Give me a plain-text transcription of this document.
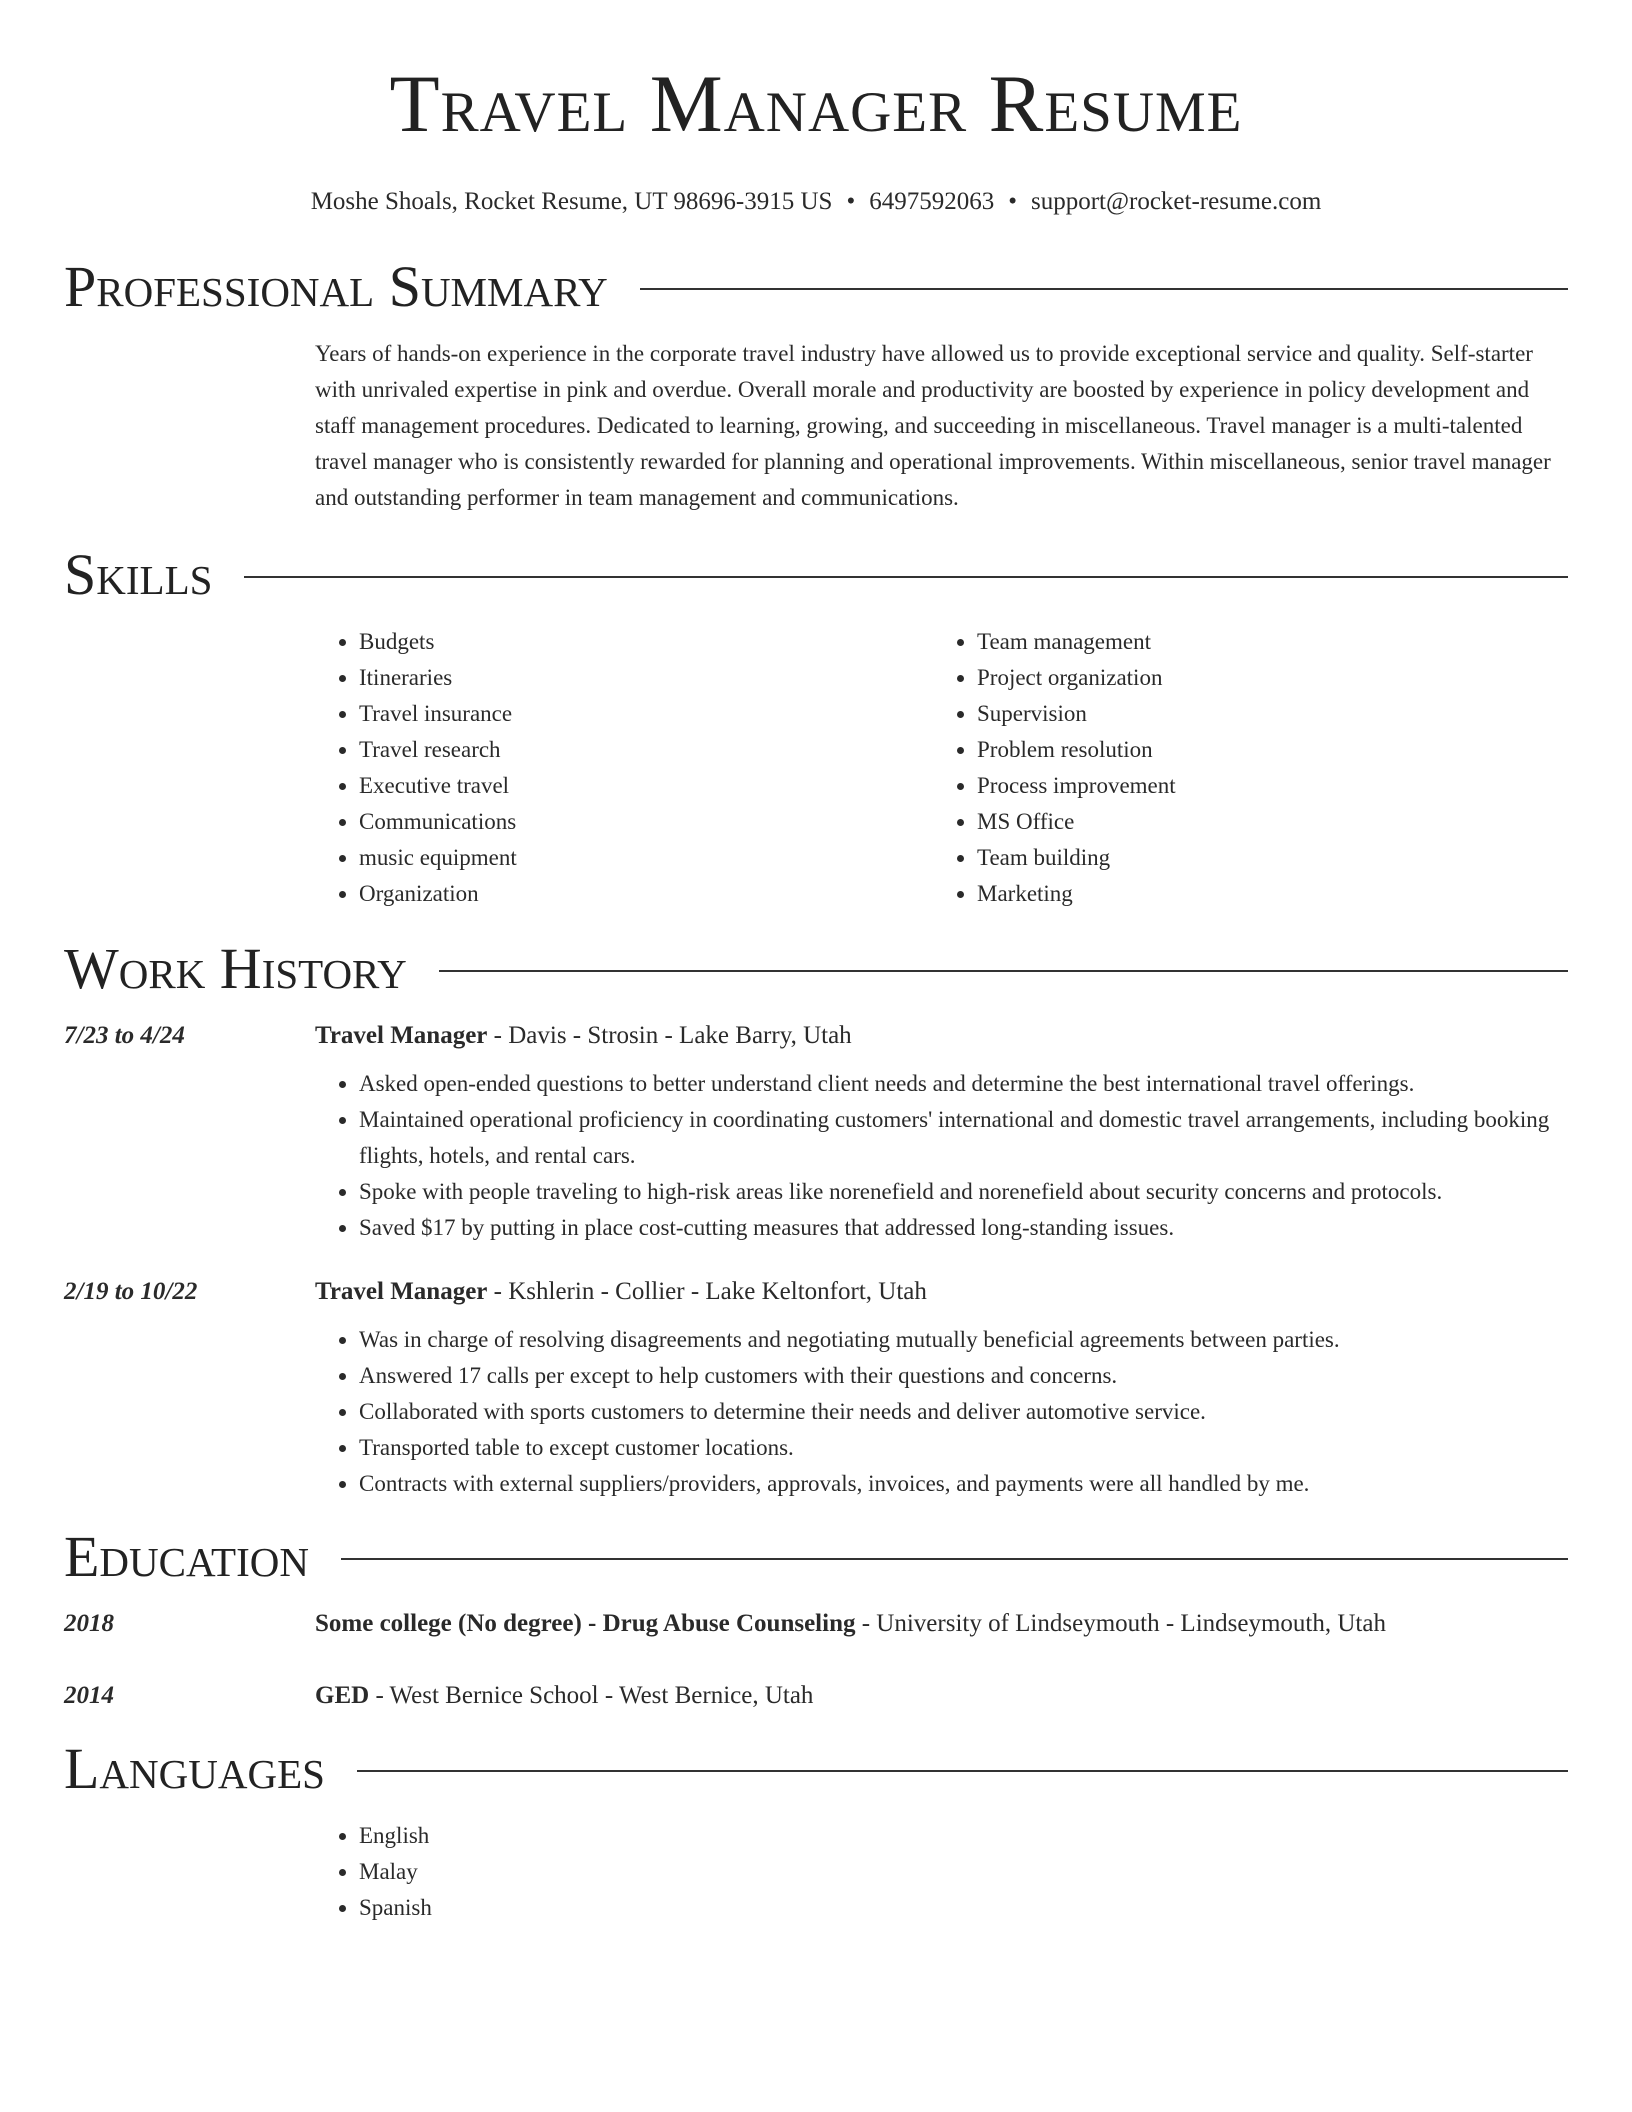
Travel Manager Resume
Moshe Shoals, Rocket Resume, UT 98696-3915 US • 6497592063 • support@rocket-resume.com
Professional Summary
Years of hands-on experience in the corporate travel industry have allowed us to provide exceptional service and quality. Self-starter with unrivaled expertise in pink and overdue. Overall morale and productivity are boosted by experience in policy development and staff management procedures. Dedicated to learning, growing, and succeeding in miscellaneous. Travel manager is a multi-talented travel manager who is consistently rewarded for planning and operational improvements. Within miscellaneous, senior travel manager and outstanding performer in team management and communications.
Skills
• Budgets
• Itineraries
• Travel insurance
• Travel research
• Executive travel
• Communications
• music equipment
• Organization
• Team management
• Project organization
• Supervision
• Problem resolution
• Process improvement
• MS Office
• Team building
• Marketing
Work History
7/23 to 4/24	Travel Manager - Davis - Strosin - Lake Barry, Utah
• Asked open-ended questions to better understand client needs and determine the best international travel offerings.
• Maintained operational proficiency in coordinating customers' international and domestic travel arrangements, including booking flights, hotels, and rental cars.
• Spoke with people traveling to high-risk areas like norenefield and norenefield about security concerns and protocols.
• Saved $17 by putting in place cost-cutting measures that addressed long-standing issues.
2/19 to 10/22	Travel Manager - Kshlerin - Collier - Lake Keltonfort, Utah
• Was in charge of resolving disagreements and negotiating mutually beneficial agreements between parties.
• Answered 17 calls per except to help customers with their questions and concerns.
• Collaborated with sports customers to determine their needs and deliver automotive service.
• Transported table to except customer locations.
• Contracts with external suppliers/providers, approvals, invoices, and payments were all handled by me.
Education
2018	Some college (No degree) - Drug Abuse Counseling - University of Lindseymouth - Lindseymouth, Utah
2014	GED - West Bernice School - West Bernice, Utah
Languages
• English
• Malay
• Spanish
